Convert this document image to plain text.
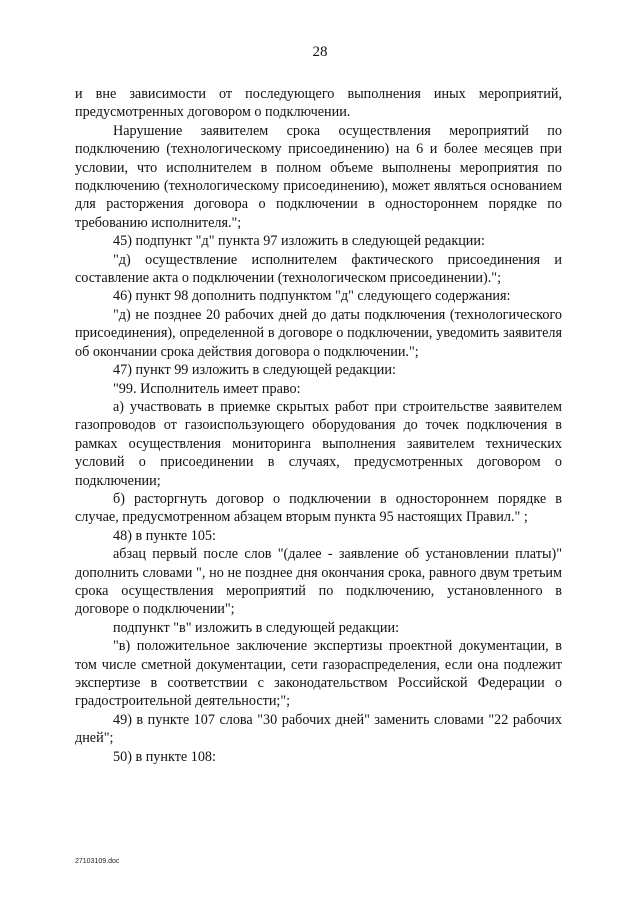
28

и вне зависимости от последующего выполнения иных мероприятий, предусмотренных договором о подключении.

Нарушение заявителем срока осуществления мероприятий по подключению (технологическому присоединению) на 6 и более месяцев при условии, что исполнителем в полном объеме выполнены мероприятия по подключению (технологическому присоединению), может являться основанием для расторжения договора о подключении в одностороннем порядке по требованию исполнителя.";

45) подпункт "д" пункта 97 изложить в следующей редакции:

"д) осуществление исполнителем фактического присоединения и составление акта о подключении (технологическом присоединении).";

46) пункт 98 дополнить подпунктом "д" следующего содержания:

"д) не позднее 20 рабочих дней до даты подключения (технологического присоединения), определенной в договоре о подключении, уведомить заявителя об окончании срока действия договора о подключении.";

47) пункт 99 изложить в следующей редакции:

"99. Исполнитель имеет право:

а) участвовать в приемке скрытых работ при строительстве заявителем газопроводов от газоиспользующего оборудования до точек подключения в рамках осуществления мониторинга выполнения заявителем технических условий о присоединении в случаях, предусмотренных договором о подключении;

б) расторгнуть договор о подключении в одностороннем порядке в случае, предусмотренном абзацем вторым пункта 95 настоящих Правил." ;

48) в пункте 105:

абзац первый после слов "(далее - заявление об установлении платы)" дополнить словами ", но не позднее дня окончания срока, равного двум третьим срока осуществления мероприятий по подключению, установленного в договоре о подключении";

подпункт "в" изложить в следующей редакции:

"в) положительное заключение экспертизы проектной документации, в том числе сметной документации, сети газораспределения, если она подлежит экспертизе в соответствии с законодательством Российской Федерации о градостроительной деятельности;";

49) в пункте 107 слова "30 рабочих дней" заменить словами "22 рабочих дней";

50) в пункте 108:

27103109.doc
